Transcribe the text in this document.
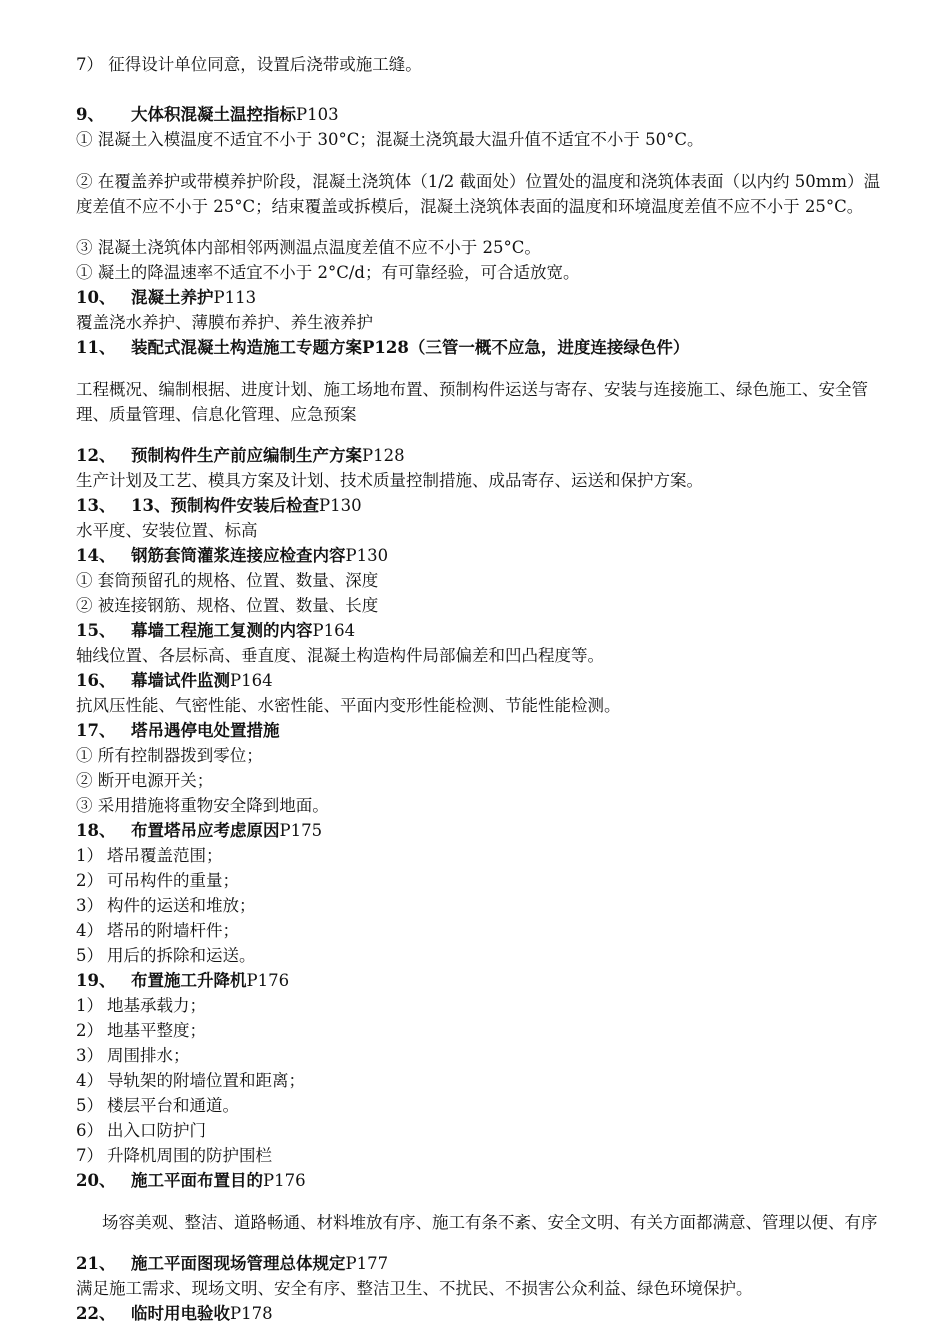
7） 征得设计单位同意，设置后浇带或施工缝。

9、 大体积混凝土温控指标P103

① 混凝土入模温度不适宜不小于 30°C；混凝土浇筑最大温升值不适宜不小于 50°C。

② 在覆盖养护或带模养护阶段，混凝土浇筑体（1/2 截面处）位置处的温度和浇筑体表面（以内约 50mm）温度差值不应不小于 25°C；结束覆盖或拆模后，混凝土浇筑体表面的温度和环境温度差值不应不小于 25°C。

③ 混凝土浇筑体内部相邻两测温点温度差值不应不小于 25°C。

① 凝土的降温速率不适宜不小于 2°C/d；有可靠经验，可合适放宽。

10、 混凝土养护P113

覆盖浇水养护、薄膜布养护、养生液养护

11、 装配式混凝土构造施工专题方案P128（三管一概不应急，进度连接绿色件）

工程概况、编制根据、进度计划、施工场地布置、预制构件运送与寄存、安装与连接施工、绿色施工、安全管理、质量管理、信息化管理、应急预案

12、 预制构件生产前应编制生产方案P128

生产计划及工艺、模具方案及计划、技术质量控制措施、成品寄存、运送和保护方案。

13、 13、预制构件安装后检查P130

水平度、安装位置、标高

14、 钢筋套筒灌浆连接应检查内容P130

① 套筒预留孔的规格、位置、数量、深度

② 被连接钢筋、规格、位置、数量、长度

15、 幕墙工程施工复测的内容P164

轴线位置、各层标高、垂直度、混凝土构造构件局部偏差和凹凸程度等。

16、 幕墙试件监测P164

抗风压性能、气密性能、水密性能、平面内变形性能检测、节能性能检测。

17、 塔吊遇停电处置措施

① 所有控制器拨到零位；

② 断开电源开关；

③ 采用措施将重物安全降到地面。

18、 布置塔吊应考虑原因P175

1） 塔吊覆盖范围；

2） 可吊构件的重量；

3） 构件的运送和堆放；

4） 塔吊的附墙杆件；

5） 用后的拆除和运送。

19、 布置施工升降机P176

1） 地基承载力；

2） 地基平整度；

3） 周围排水；

4） 导轨架的附墙位置和距离；

5） 楼层平台和通道。

6） 出入口防护门

7） 升降机周围的防护围栏

20、 施工平面布置目的P176

场容美观、整洁、道路畅通、材料堆放有序、施工有条不紊、安全文明、有关方面都满意、管理以便、有序

21、 施工平面图现场管理总体规定P177

满足施工需求、现场文明、安全有序、整洁卫生、不扰民、不损害公众利益、绿色环境保护。

22、 临时用电验收P178
